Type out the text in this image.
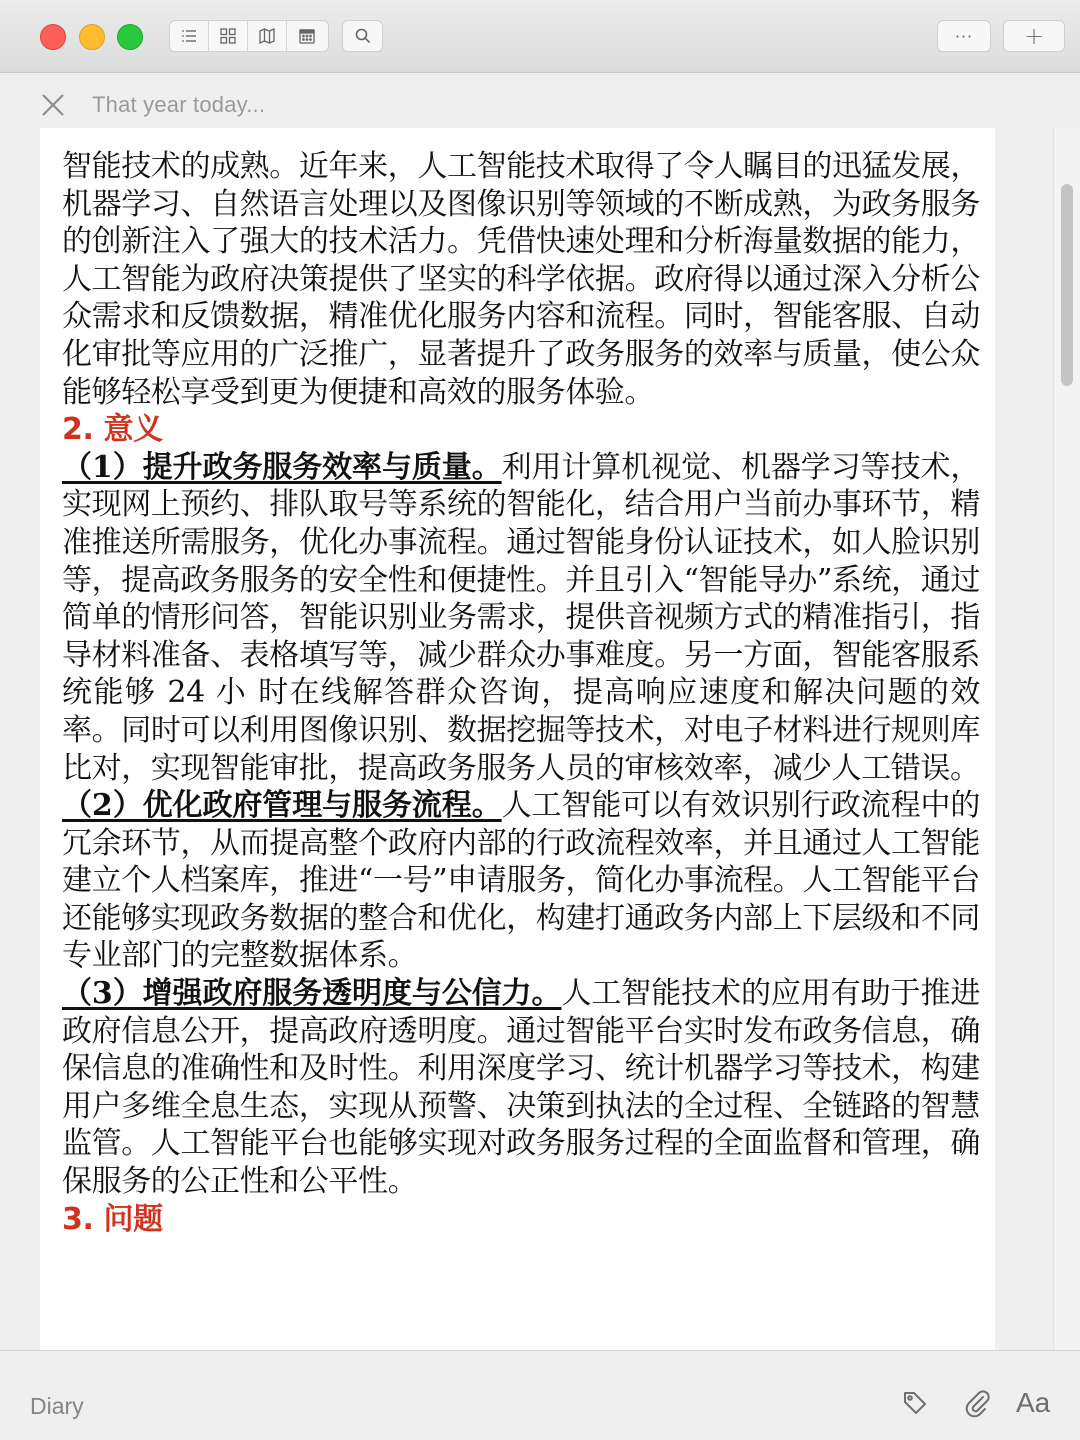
··· +
That year today...

智能技术的成熟。近年来，人工智能技术取得了令人瞩目的迅猛发展，机器学习、自然语言处理以及图像识别等领域的不断成熟，为政务服务的创新注入了强大的技术活力。凭借快速处理和分析海量数据的能力，人工智能为政府决策提供了坚实的科学依据。政府得以通过深入分析公众需求和反馈数据，精准优化服务内容和流程。同时，智能客服、自动化审批等应用的广泛推广，显著提升了政务服务的效率与质量，使公众能够轻松享受到更为便捷和高效的服务体验。

2. 意义

（1）提升政务服务效率与质量。利用计算机视觉、机器学习等技术，实现网上预约、排队取号等系统的智能化，结合用户当前办事环节，精准推送所需服务，优化办事流程。通过智能身份认证技术，如人脸识别等，提高政务服务的安全性和便捷性。并且引入“智能导办”系统，通过简单的情形问答，智能识别业务需求，提供音视频方式的精准指引，指导材料准备、表格填写等，减少群众办事难度。另一方面，智能客服系统能够 24 小 时在线解答群众咨询，提高响应速度和解决问题的效率。同时可以利用图像识别、数据挖掘等技术，对电子材料进行规则库比对，实现智能审批，提高政务服务人员的审核效率，减少人工错误。

（2）优化政府管理与服务流程。人工智能可以有效识别行政流程中的冗余环节，从而提高整个政府内部的行政流程效率，并且通过人工智能建立个人档案库，推进“一号”申请服务，简化办事流程。人工智能平台还能够实现政务数据的整合和优化，构建打通政务内部上下层级和不同专业部门的完整数据体系。

（3）增强政府服务透明度与公信力。人工智能技术的应用有助于推进政府信息公开，提高政府透明度。通过智能平台实时发布政务信息，确保信息的准确性和及时性。利用深度学习、统计机器学习等技术，构建用户多维全息生态，实现从预警、决策到执法的全过程、全链路的智慧监管。人工智能平台也能够实现对政务服务过程的全面监督和管理，确保服务的公正性和公平性。

3. 问题

Diary	Aa
